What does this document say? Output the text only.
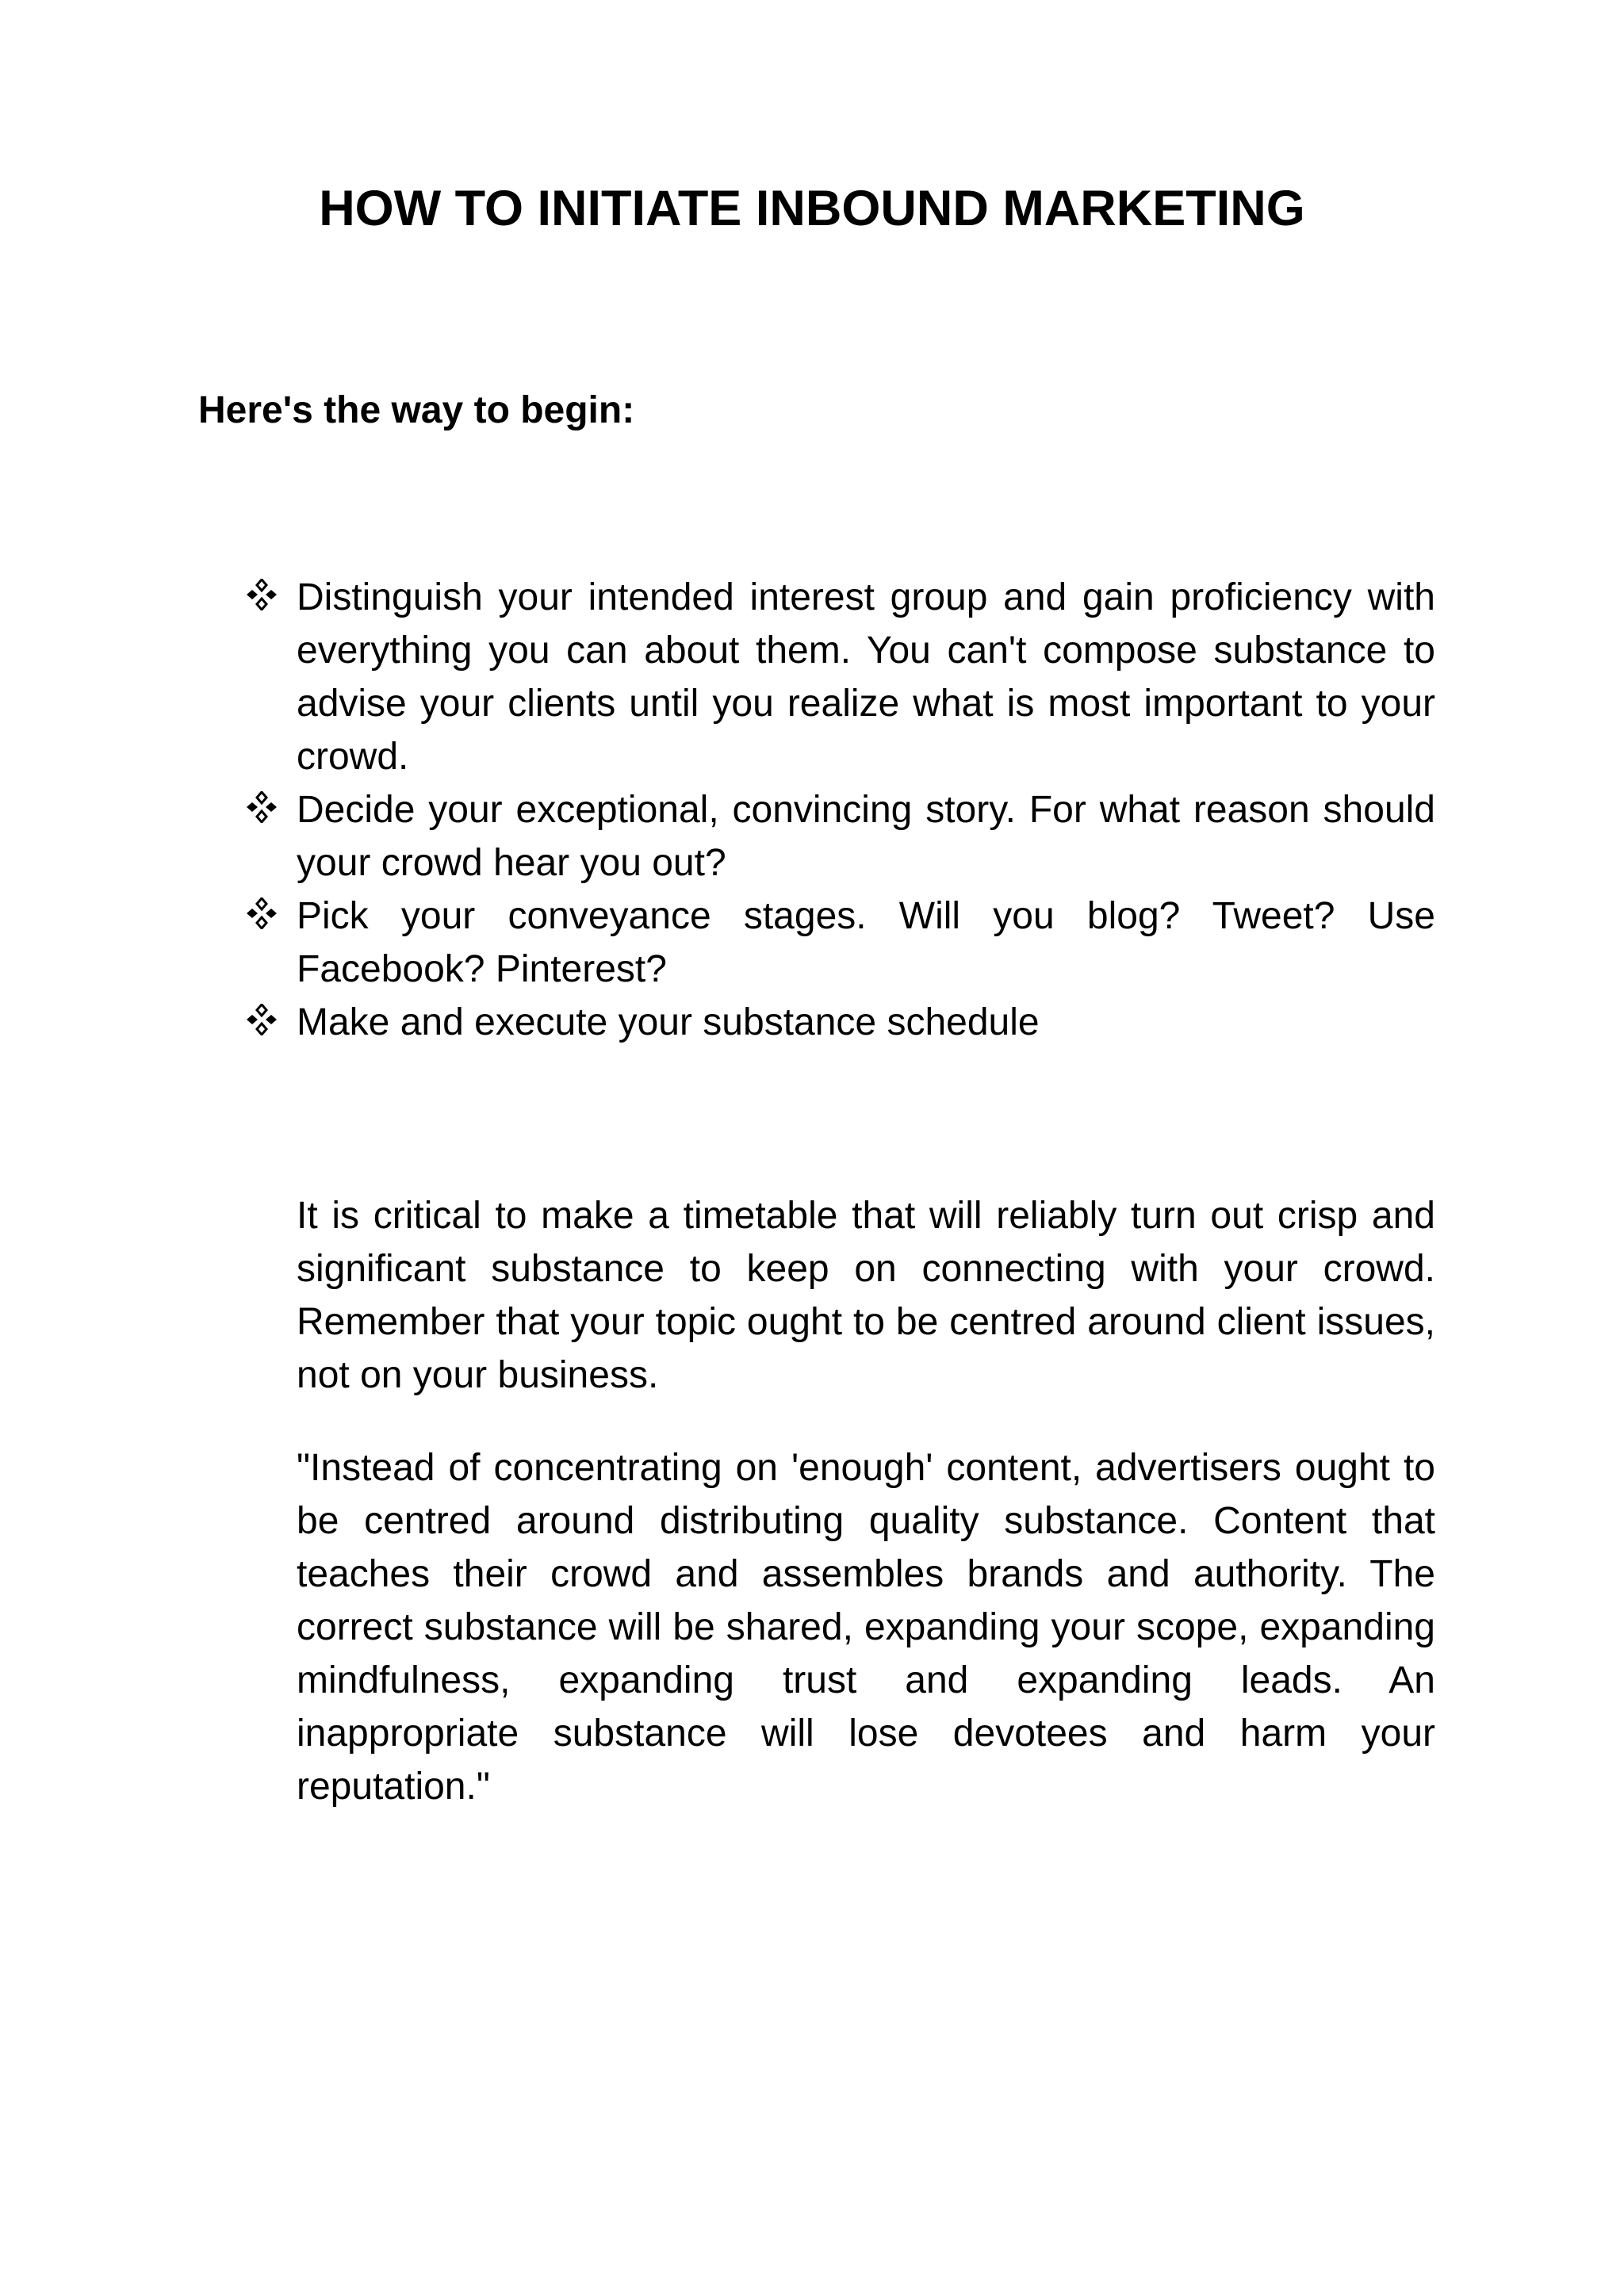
HOW TO INITIATE INBOUND MARKETING

Here's the way to begin:

Distinguish your intended interest group and gain proficiency with everything you can about them. You can't compose substance to advise your clients until you realize what is most important to your crowd.
Decide your exceptional, convincing story. For what reason should your crowd hear you out?
Pick your conveyance stages. Will you blog? Tweet? Use Facebook? Pinterest?
Make and execute your substance schedule

It is critical to make a timetable that will reliably turn out crisp and significant substance to keep on connecting with your crowd. Remember that your topic ought to be centred around client issues, not on your business.

"Instead of concentrating on 'enough' content, advertisers ought to be centred around distributing quality substance. Content that teaches their crowd and assembles brands and authority. The correct substance will be shared, expanding your scope, expanding mindfulness, expanding trust and expanding leads. An inappropriate substance will lose devotees and harm your reputation."
